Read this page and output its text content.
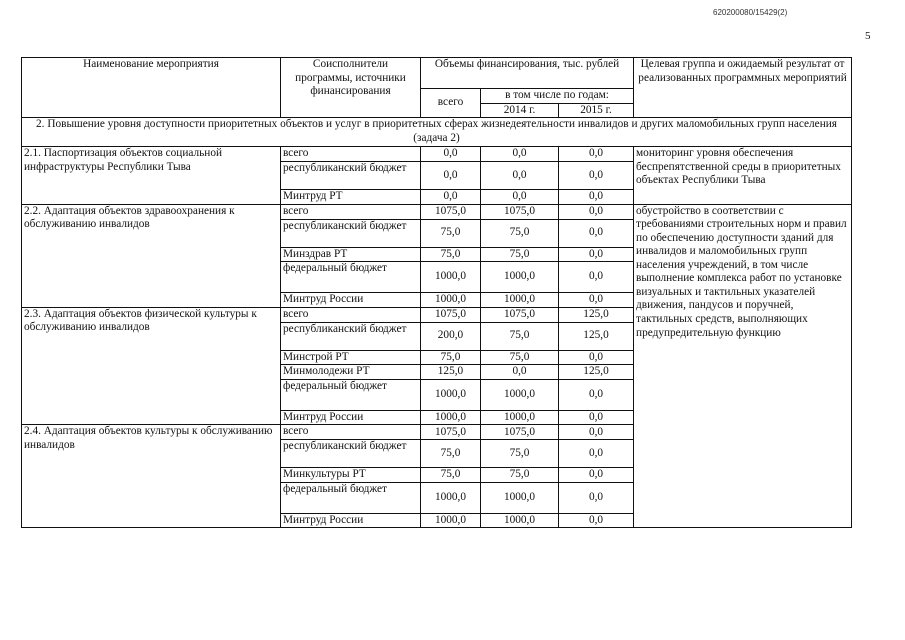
620200080/15429(2)
5
Наименование мероприятия	Соисполнители программы, источники финансирования	Объемы финансирования, тыс. рублей			Целевая группа и ожидаемый результат от реализованных программных мероприятий
		всего	в том числе по годам:		
			2014 г.	2015 г.	
2. Повышение уровня доступности приоритетных объектов и услуг в приоритетных сферах жизнедеятельности инвалидов и других маломобильных групп населения (задача 2)					
2.1. Паспортизация объектов социальной инфраструктуры Республики Тыва	всего	0,0	0,0	0,0	мониторинг уровня обеспечения беспрепятственной среды в приоритетных объектах Республики Тыва
	республиканский бюджет	0,0	0,0	0,0	
	Минтруд РТ	0,0	0,0	0,0	
2.2. Адаптация объектов здравоохранения к обслуживанию инвалидов	всего	1075,0	1075,0	0,0	обустройство в соответствии с требованиями строительных норм и правил по обеспечению доступности зданий для инвалидов и маломобильных групп населения учреждений, в том числе выполнение комплекса работ по установке визуальных и тактильных указателей движения, пандусов и поручней, тактильных средств, выполняющих предупредительную функцию
	республиканский бюджет	75,0	75,0	0,0	
	Минздрав РТ	75,0	75,0	0,0	
	федеральный бюджет	1000,0	1000,0	0,0	
	Минтруд России	1000,0	1000,0	0,0	
2.3. Адаптация объектов физической культуры к обслуживанию инвалидов	всего	1075,0	1075,0	125,0	
	республиканский бюджет	200,0	75,0	125,0	
	Минстрой РТ	75,0	75,0	0,0	
	Минмолодежи РТ	125,0	0,0	125,0	
	федеральный бюджет	1000,0	1000,0	0,0	
	Минтруд России	1000,0	1000,0	0,0	
2.4. Адаптация объектов культуры к обслуживанию инвалидов	всего	1075,0	1075,0	0,0	
	республиканский бюджет	75,0	75,0	0,0	
	Минкультуры РТ	75,0	75,0	0,0	
	федеральный бюджет	1000,0	1000,0	0,0	
	Минтруд России	1000,0	1000,0	0,0	
